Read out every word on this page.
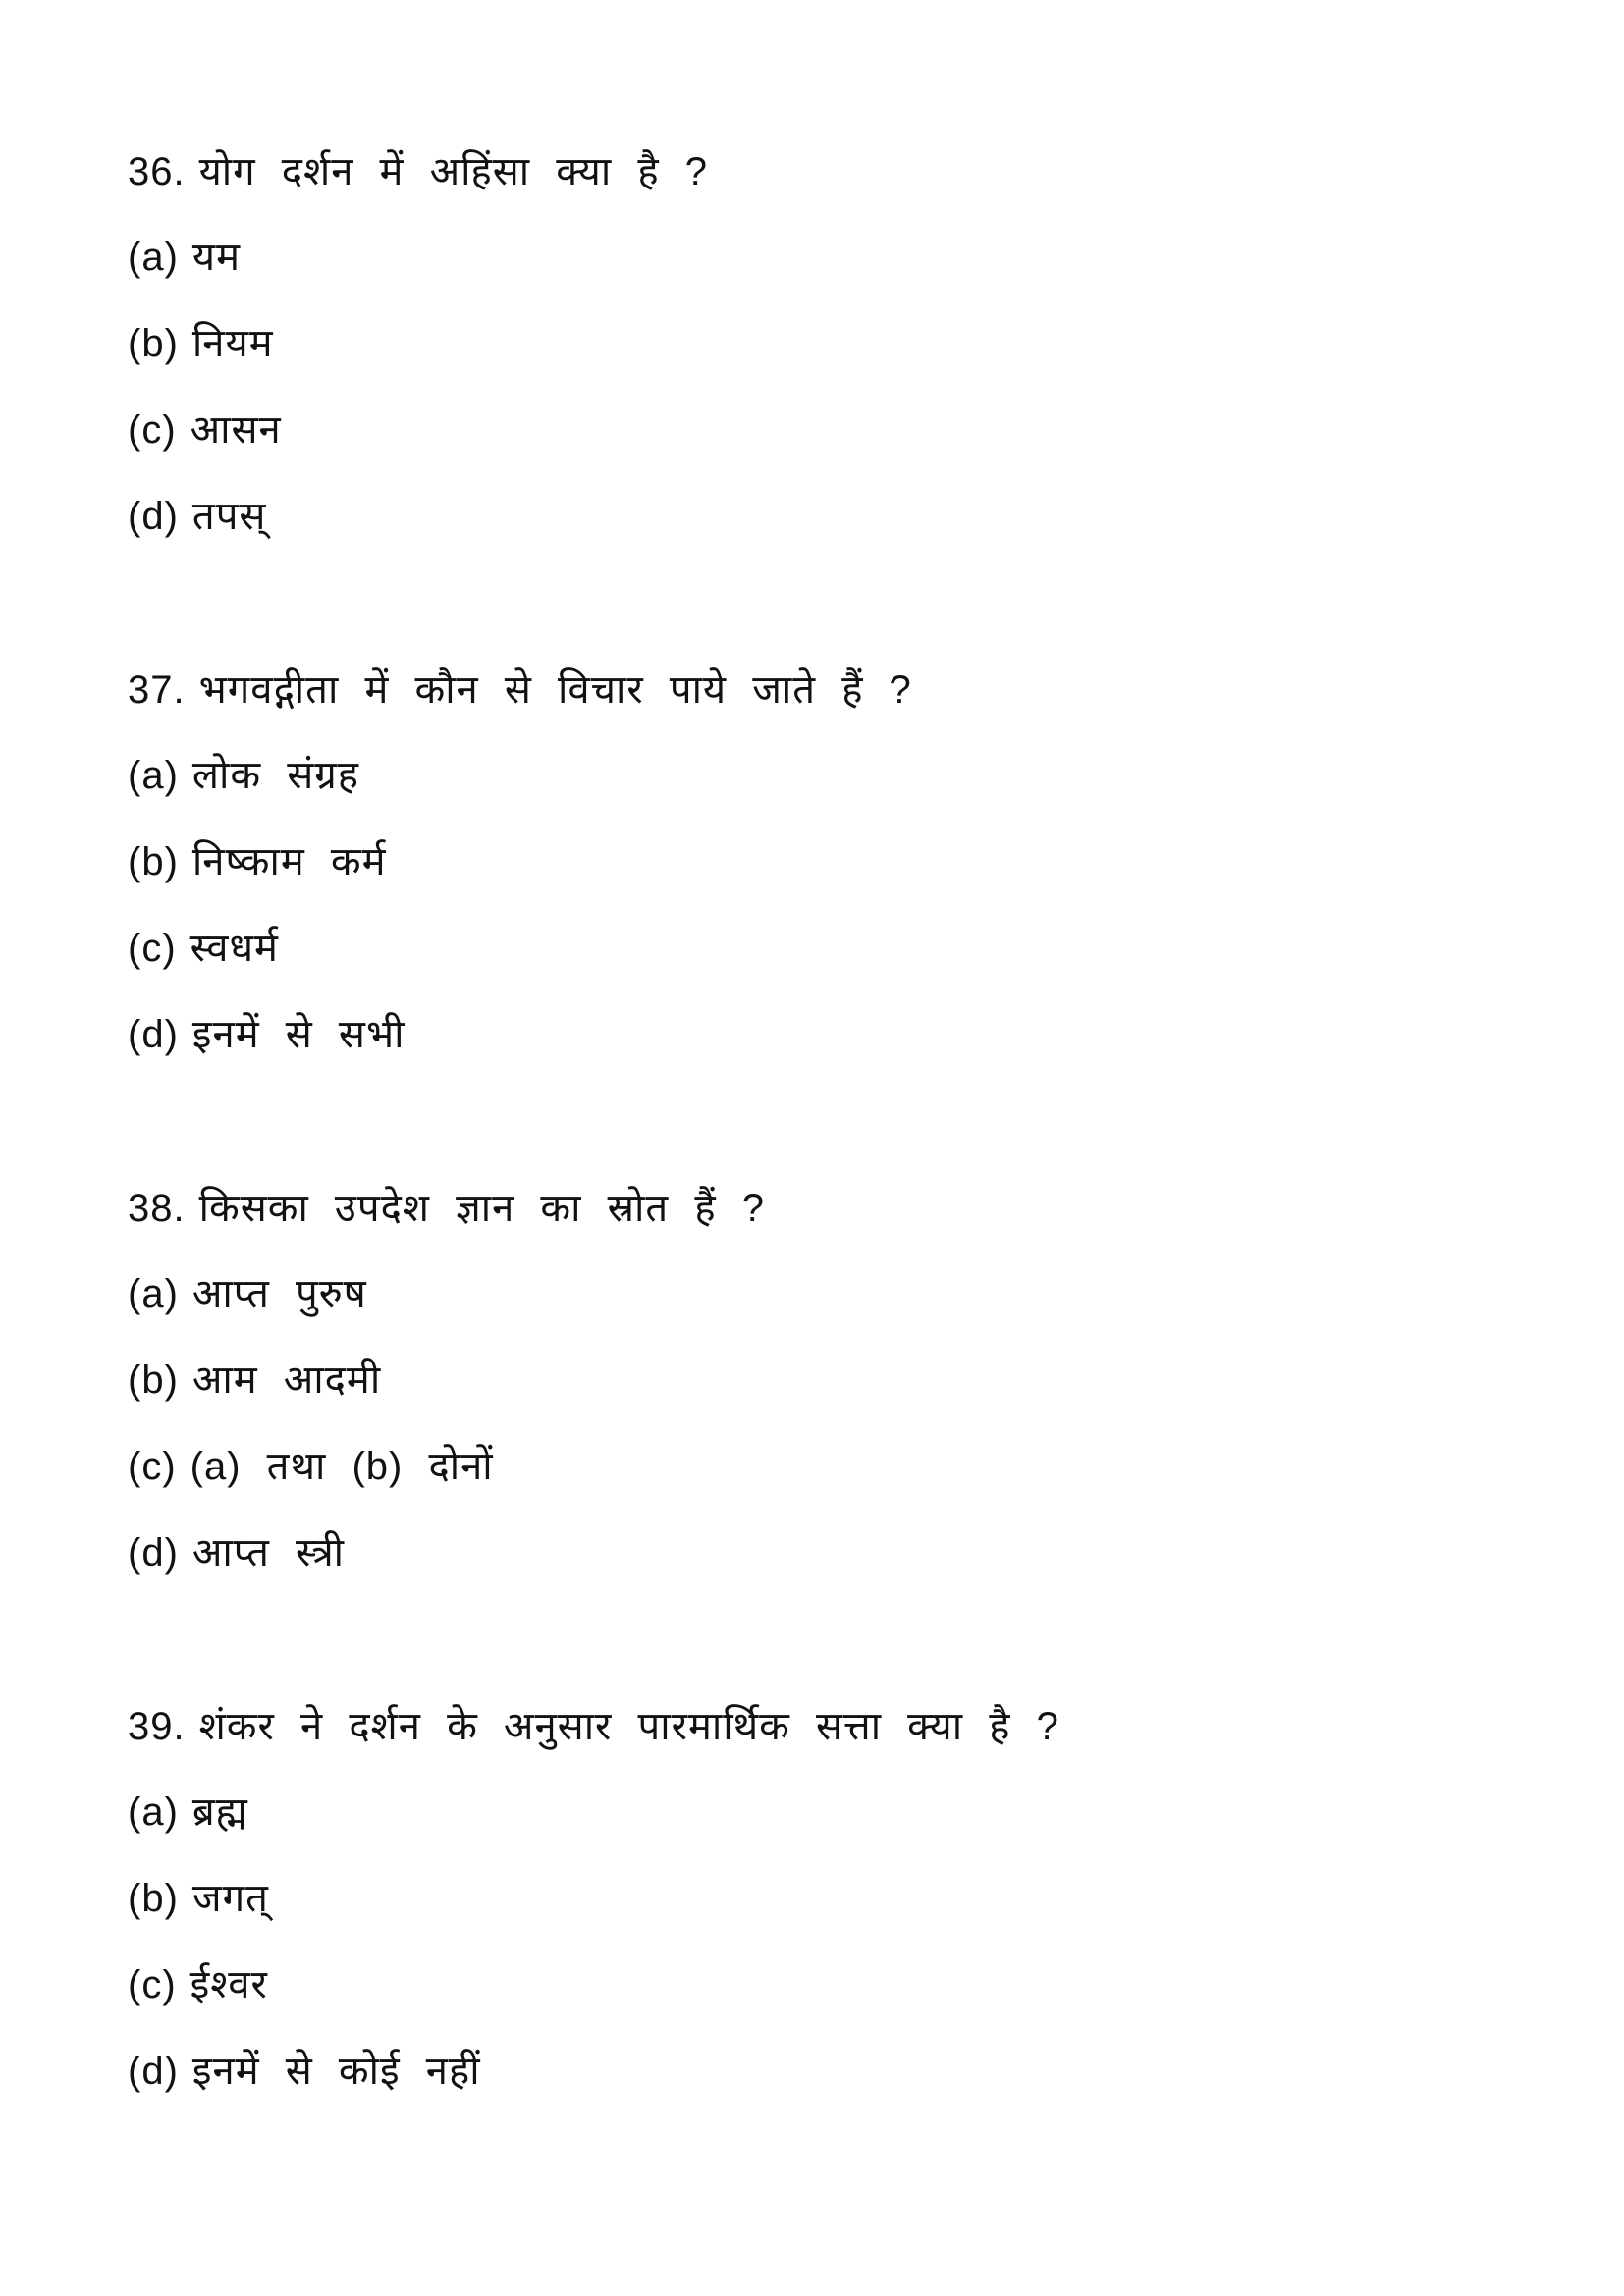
36. योग दर्शन में अहिंसा क्या है ?
(a) यम
(b) नियम
(c) आसन
(d) तपस्
37. भगवद्गीता में कौन से विचार पाये जाते हैं ?
(a) लोक संग्रह
(b) निष्काम कर्म
(c) स्वधर्म
(d) इनमें से सभी
38. किसका उपदेश ज्ञान का स्रोत हैं ?
(a) आप्त पुरुष
(b) आम आदमी
(c) (a) तथा (b) दोनों
(d) आप्त स्त्री
39. शंकर ने दर्शन के अनुसार पारमार्थिक सत्ता क्या है ?
(a) ब्रह्म
(b) जगत्
(c) ईश्वर
(d) इनमें से कोई नहीं
